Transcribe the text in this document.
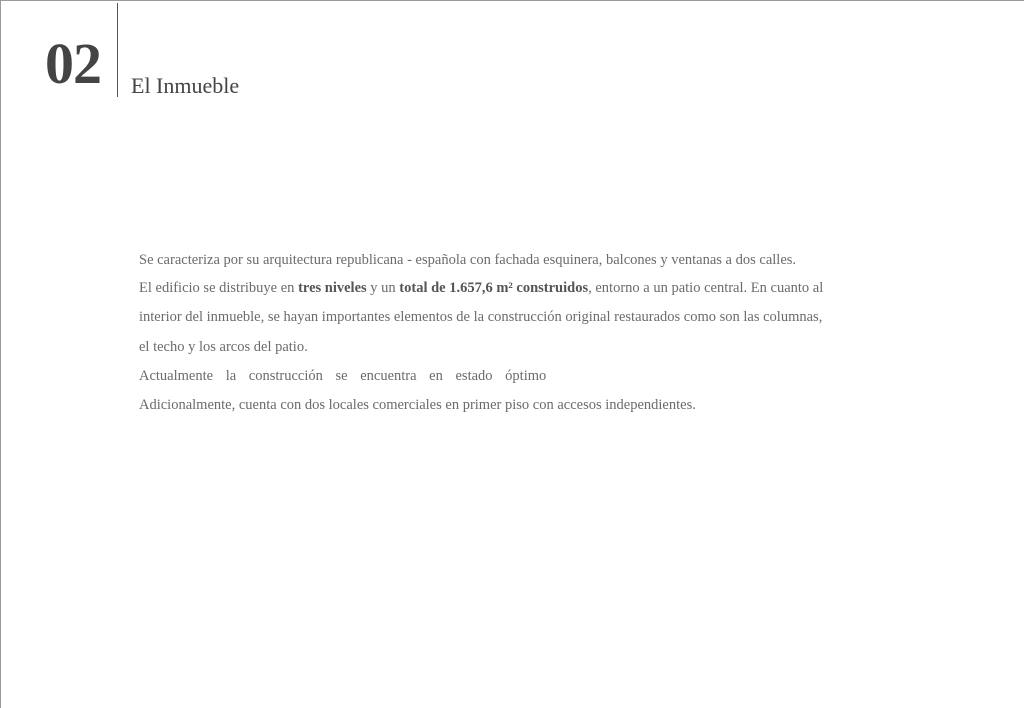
02 El Inmueble

Se caracteriza por su arquitectura republicana - española con fachada esquinera, balcones y ventanas a dos calles.

El edificio se distribuye en tres niveles y un total de 1.657,6 m² construidos, entorno a un patio central. En cuanto al

interior del inmueble, se hayan importantes elementos de la construcción original restaurados como son las columnas,

el techo y los arcos del patio.

Actualmente la construcción se encuentra en estado óptimo

Adicionalmente, cuenta con dos locales comerciales en primer piso con accesos independientes.
